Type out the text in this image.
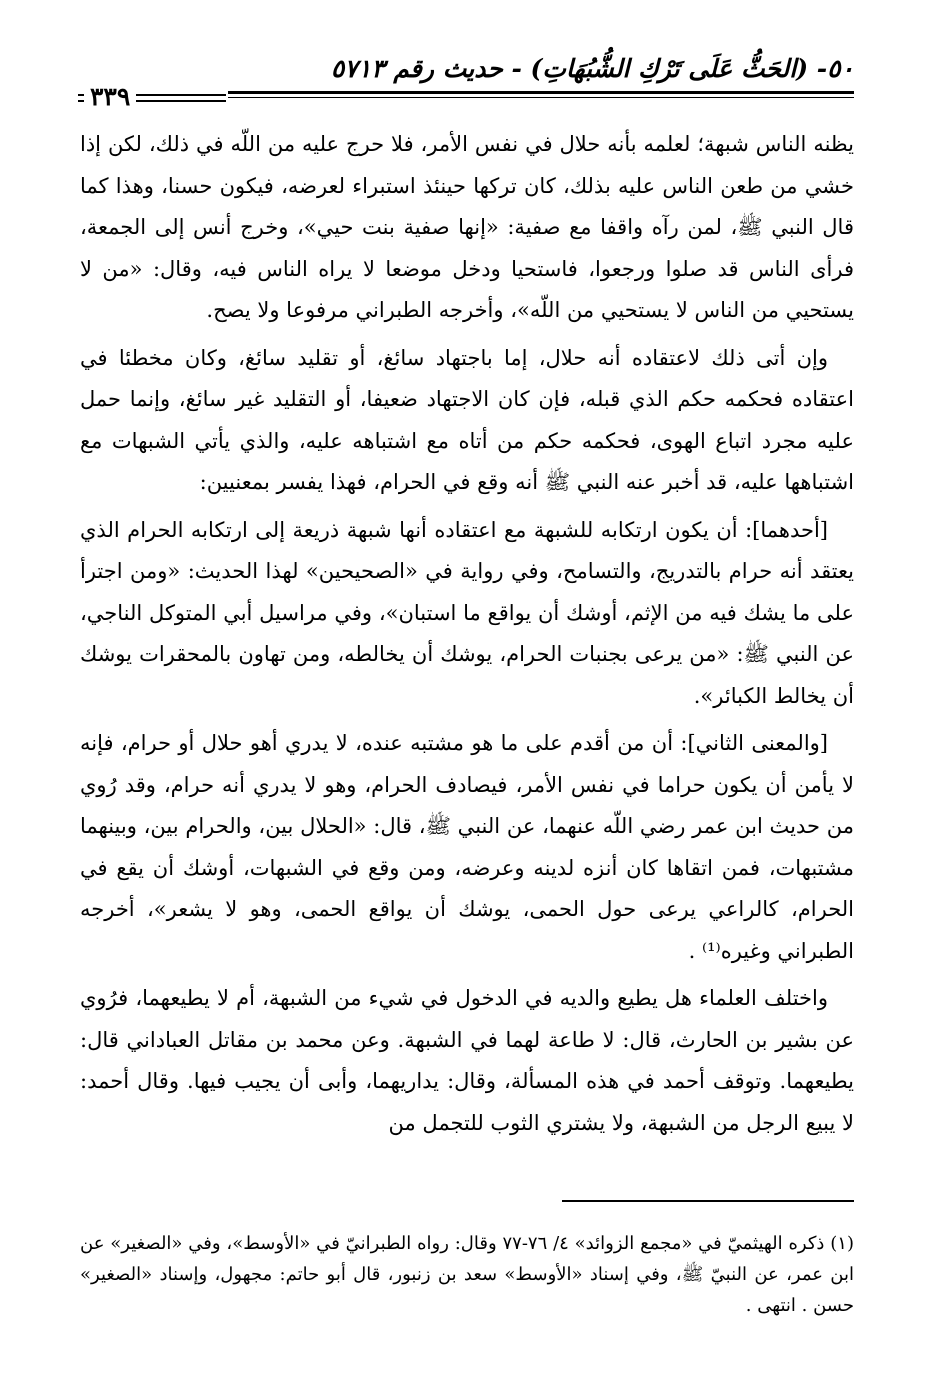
٥٠- (الحَثُّ عَلَى تَرْكِ الشُّبُهَاتِ) - حديث رقم ٥٧١٣
٣٣٩

يظنه الناس شبهة؛ لعلمه بأنه حلال في نفس الأمر، فلا حرج عليه من اللّه في ذلك، لكن إذا خشي من طعن الناس عليه بذلك، كان تركها حينئذ استبراء لعرضه، فيكون حسنا، وهذا كما قال النبي ﷺ، لمن رآه واقفا مع صفية: «إنها صفية بنت حيي»، وخرج أنس إلى الجمعة، فرأى الناس قد صلوا ورجعوا، فاستحيا ودخل موضعا لا يراه الناس فيه، وقال: «من لا يستحيي من الناس لا يستحيي من اللّه»، وأخرجه الطبراني مرفوعا ولا يصح.

وإن أتى ذلك لاعتقاده أنه حلال، إما باجتهاد سائغ، أو تقليد سائغ، وكان مخطئا في اعتقاده فحكمه حكم الذي قبله، فإن كان الاجتهاد ضعيفا، أو التقليد غير سائغ، وإنما حمل عليه مجرد اتباع الهوى، فحكمه حكم من أتاه مع اشتباهه عليه، والذي يأتي الشبهات مع اشتباهها عليه، قد أخبر عنه النبي ﷺ أنه وقع في الحرام، فهذا يفسر بمعنيين:

[أحدهما]: أن يكون ارتكابه للشبهة مع اعتقاده أنها شبهة ذريعة إلى ارتكابه الحرام الذي يعتقد أنه حرام بالتدريج، والتسامح، وفي رواية في «الصحيحين» لهذا الحديث: «ومن اجترأ على ما يشك فيه من الإثم، أوشك أن يواقع ما استبان»، وفي مراسيل أبي المتوكل الناجي، عن النبي ﷺ: «من يرعى بجنبات الحرام، يوشك أن يخالطه، ومن تهاون بالمحقرات يوشك أن يخالط الكبائر».

[والمعنى الثاني]: أن من أقدم على ما هو مشتبه عنده، لا يدري أهو حلال أو حرام، فإنه لا يأمن أن يكون حراما في نفس الأمر، فيصادف الحرام، وهو لا يدري أنه حرام، وقد رُوي من حديث ابن عمر رضي اللّه عنهما، عن النبي ﷺ، قال: «الحلال بين، والحرام بين، وبينهما مشتبهات، فمن اتقاها كان أنزه لدينه وعرضه، ومن وقع في الشبهات، أوشك أن يقع في الحرام، كالراعي يرعى حول الحمى، يوشك أن يواقع الحمى، وهو لا يشعر»، أخرجه الطبراني وغيره⁽¹⁾ .

واختلف العلماء هل يطيع والديه في الدخول في شيء من الشبهة، أم لا يطيعهما، فرُوي عن بشير بن الحارث، قال: لا طاعة لهما في الشبهة. وعن محمد بن مقاتل العباداني قال: يطيعهما. وتوقف أحمد في هذه المسألة، وقال: يداريهما، وأبى أن يجيب فيها. وقال أحمد: لا يبيع الرجل من الشبهة، ولا يشتري الثوب للتجمل من

(١) ذكره الهيثميّ في «مجمع الزوائد» ٤/ ٧٦-٧٧ وقال: رواه الطبرانيّ في «الأوسط»، وفي «الصغير» عن ابن عمر، عن النبيّ ﷺ، وفي إسناد «الأوسط» سعد بن زنبور، قال أبو حاتم: مجهول، وإسناد «الصغير» حسن . انتهى .
